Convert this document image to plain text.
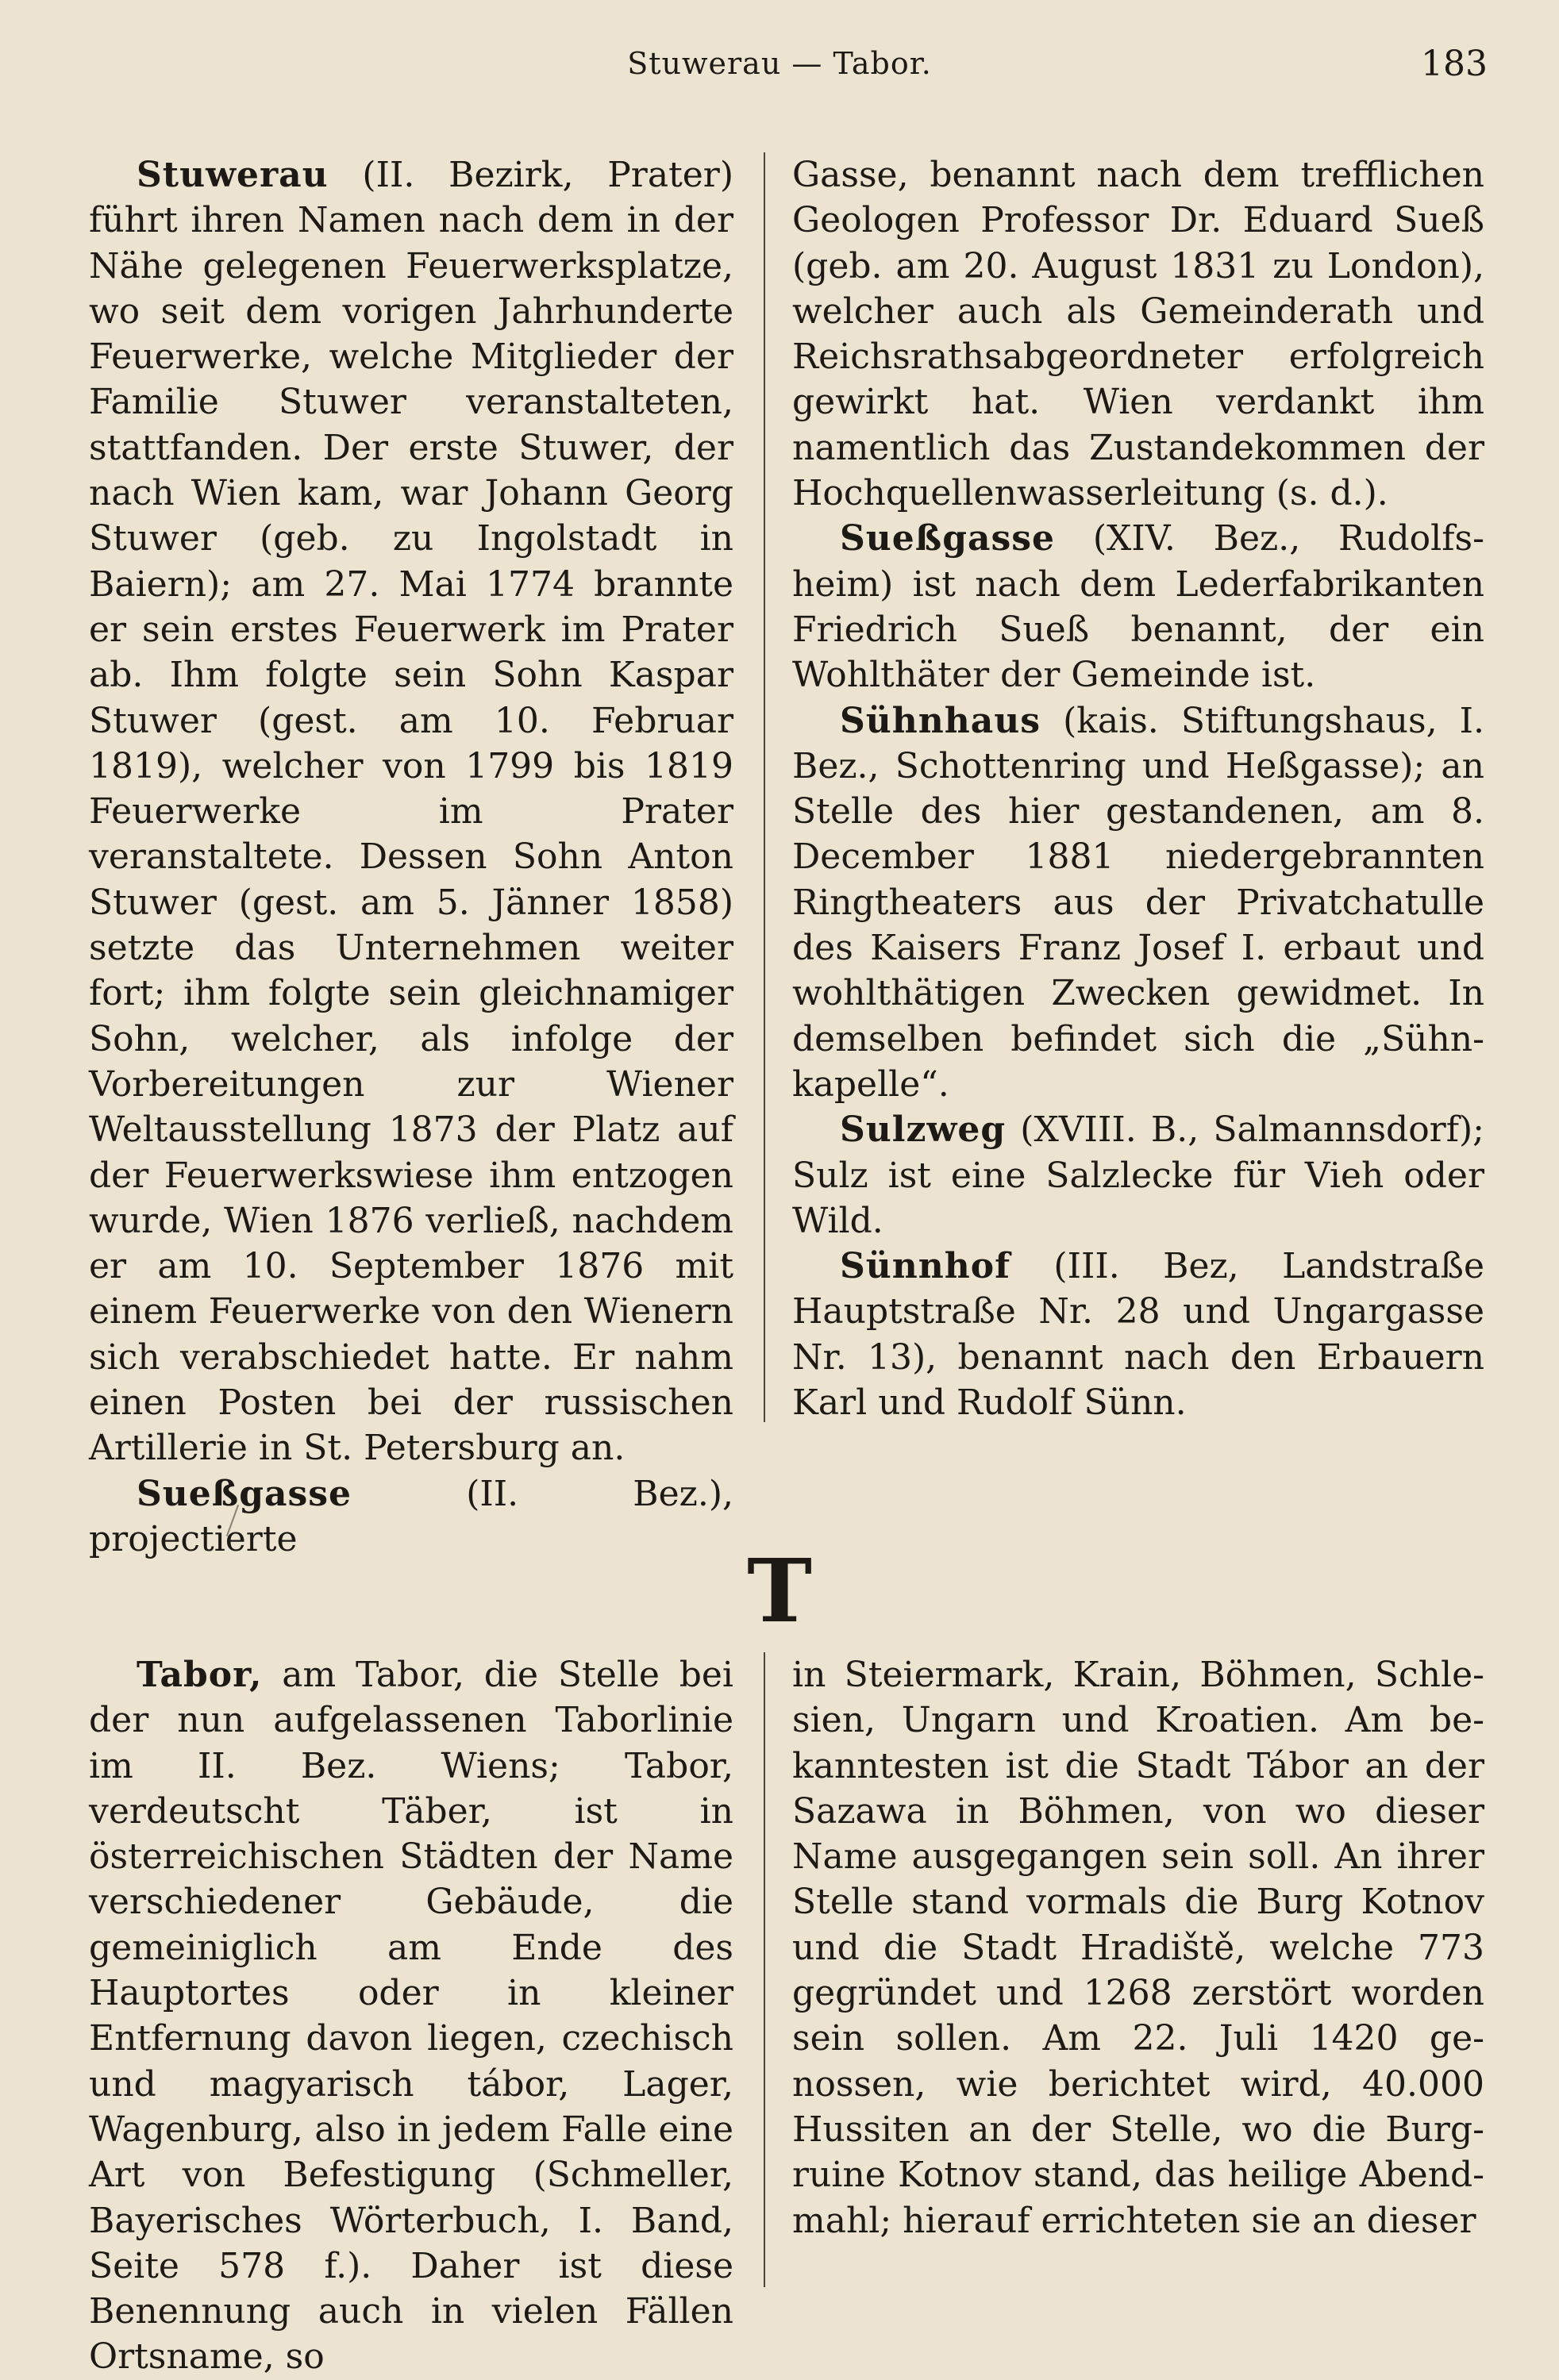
Stuwerau — Tabor.	183

Stuwerau (II. Bezirk, Prater) führt ihren Namen nach dem in der Nähe gelegenen Feuerwerksplatze, wo seit dem vorigen Jahrhunderte Feuerwerke, welche Mitglieder der Familie Stuwer veranstalteten, stattfanden. Der erste Stuwer, der nach Wien kam, war Johann Georg Stuwer (geb. zu Ingolstadt in Baiern); am 27. Mai 1774 brannte er sein erstes Feuerwerk im Prater ab. Ihm folgte sein Sohn Kaspar Stuwer (gest. am 10. Februar 1819), welcher von 1799 bis 1819 Feuerwerke im Prater veranstaltete. Dessen Sohn Anton Stuwer (gest. am 5. Jänner 1858) setzte das Unternehmen weiter fort; ihm folgte sein gleichnamiger Sohn, welcher, als infolge der Vorbereitungen zur Wiener Weltausstellung 1873 der Platz auf der Feuerwerkswiese ihm entzogen wurde, Wien 1876 verließ, nachdem er am 10. September 1876 mit einem Feuerwerke von den Wienern sich verabschiedet hatte. Er nahm einen Posten bei der russischen Artillerie in St. Petersburg an.

Sueßgasse (II. Bez.), projectierte

Gasse, benannt nach dem trefflichen Geologen Professor Dr. Eduard Sueß (geb. am 20. August 1831 zu London), welcher auch als Gemeinderath und Reichsrathsabgeordneter erfolgreich gewirkt hat. Wien verdankt ihm namentlich das Zustandekommen der Hochquellenwasserleitung (s. d.).

Sueßgasse (XIV. Bez., Rudolfsheim) ist nach dem Lederfabrikanten Friedrich Sueß benannt, der ein Wohlthäter der Gemeinde ist.

Sühnhaus (kais. Stiftungshaus, I. Bez., Schottenring und Heßgasse); an Stelle des hier gestandenen, am 8. December 1881 niedergebrannten Ringtheaters aus der Privatchatulle des Kaisers Franz Josef I. erbaut und wohlthätigen Zwecken gewidmet. In demselben befindet sich die „Sühnkapelle“.

Sulzweg (XVIII. B., Salmannsdorf); Sulz ist eine Salzlecke für Vieh oder Wild.

Sünnhof (III. Bez, Landstraße Hauptstraße Nr. 28 und Ungargasse Nr. 13), benannt nach den Erbauern Karl und Rudolf Sünn.

T

Tabor, am Tabor, die Stelle bei der nun aufgelassenen Taborlinie im II. Bez. Wiens; Tabor, verdeutscht Täber, ist in österreichischen Städten der Name verschiedener Gebäude, die gemeiniglich am Ende des Hauptortes oder in kleiner Entfernung davon liegen, czechisch und magyarisch tábor, Lager, Wagenburg, also in jedem Falle eine Art von Befestigung (Schmeller, Bayerisches Wörterbuch, I. Band, Seite 578 f.). Daher ist diese Benennung auch in vielen Fällen Ortsname, so

in Steiermark, Krain, Böhmen, Schlesien, Ungarn und Kroatien. Am bekanntesten ist die Stadt Tábor an der Sazawa in Böhmen, von wo dieser Name ausgegangen sein soll. An ihrer Stelle stand vormals die Burg Kotnov und die Stadt Hradiště, welche 773 gegründet und 1268 zerstört worden sein sollen. Am 22. Juli 1420 genossen, wie berichtet wird, 40.000 Hussiten an der Stelle, wo die Burgruine Kotnov stand, das heilige Abendmahl; hierauf errichteten sie an dieser
